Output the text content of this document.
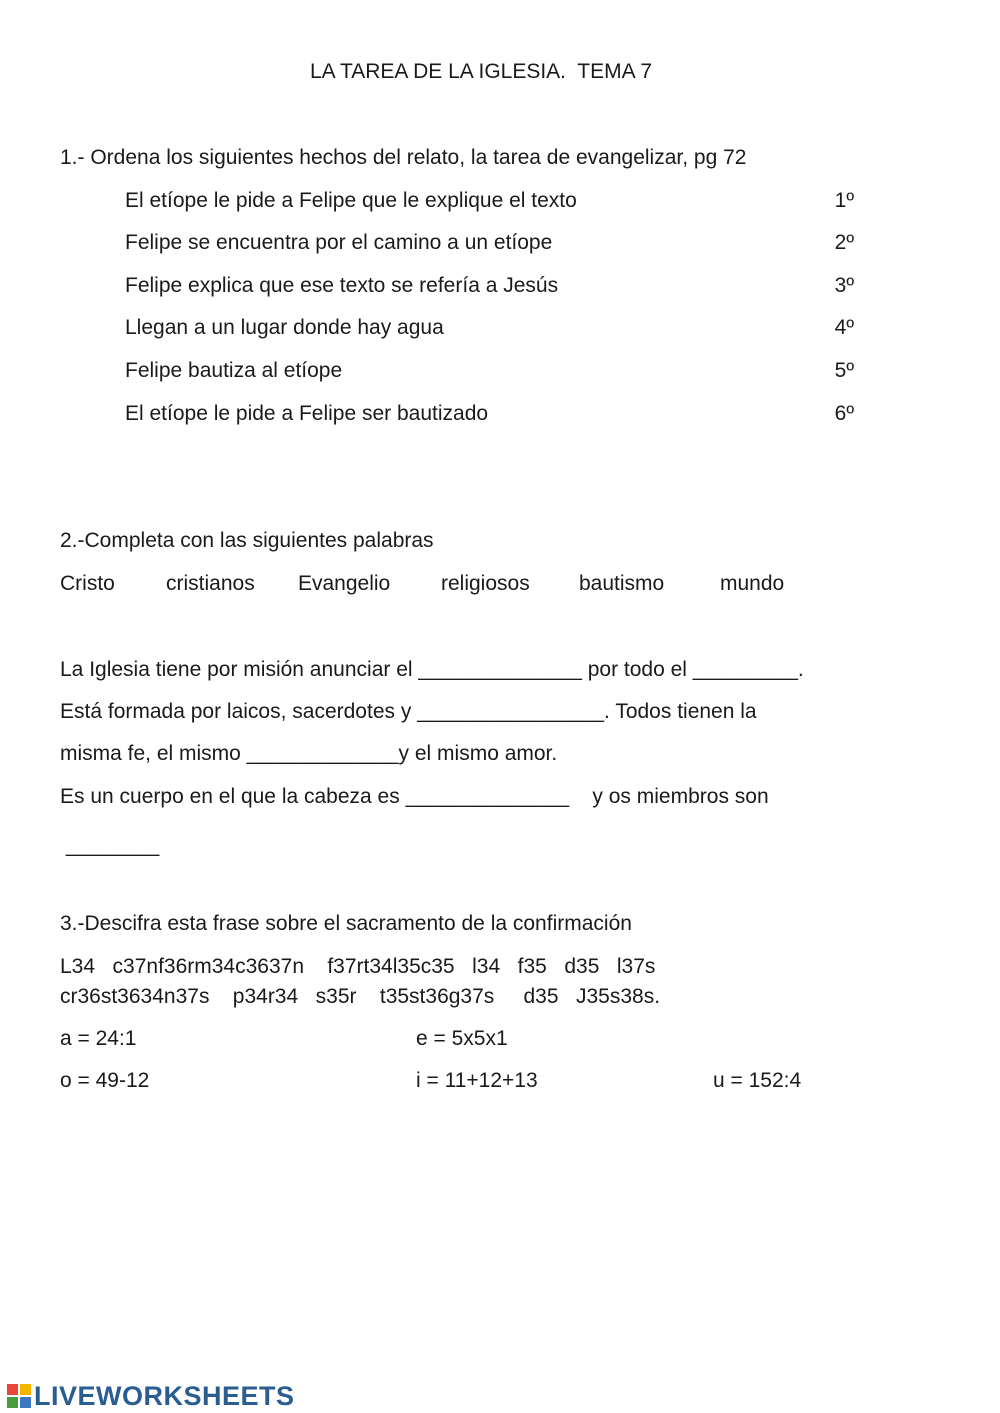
LA TAREA DE LA IGLESIA.  TEMA 7
1.- Ordena los siguientes hechos del relato, la tarea de evangelizar, pg 72
El etíope le pide a Felipe que le explique el texto	1º
Felipe se encuentra por el camino a un etíope	2º
Felipe explica que ese texto se refería a Jesús	3º
Llegan a un lugar donde hay agua	4º
Felipe bautiza al etíope	5º
El etíope le pide a Felipe ser bautizado	6º
2.-Completa con las siguientes palabras
Cristo cristianos Evangelio religiosos bautismo	mundo
La Iglesia tiene por misión anunciar el ______________ por todo el _________.
Está formada por laicos, sacerdotes y ________________. Todos tienen la
misma fe, el mismo _____________y el mismo amor.
Es un cuerpo en el que la cabeza es ______________    y os miembros son
________
3.-Descifra esta frase sobre el sacramento de la confirmación
L34   c37nf36rm34c3637n    f37rt34l35c35   l34   f35   d35   l37s
cr36st3634n37s    p34r34   s35r    t35st36g37s     d35   J35s38s.
a = 24:1	e = 5x5x1
o = 49-12	i = 11+12+13	u = 152:4
LIVEWORKSHEETS
